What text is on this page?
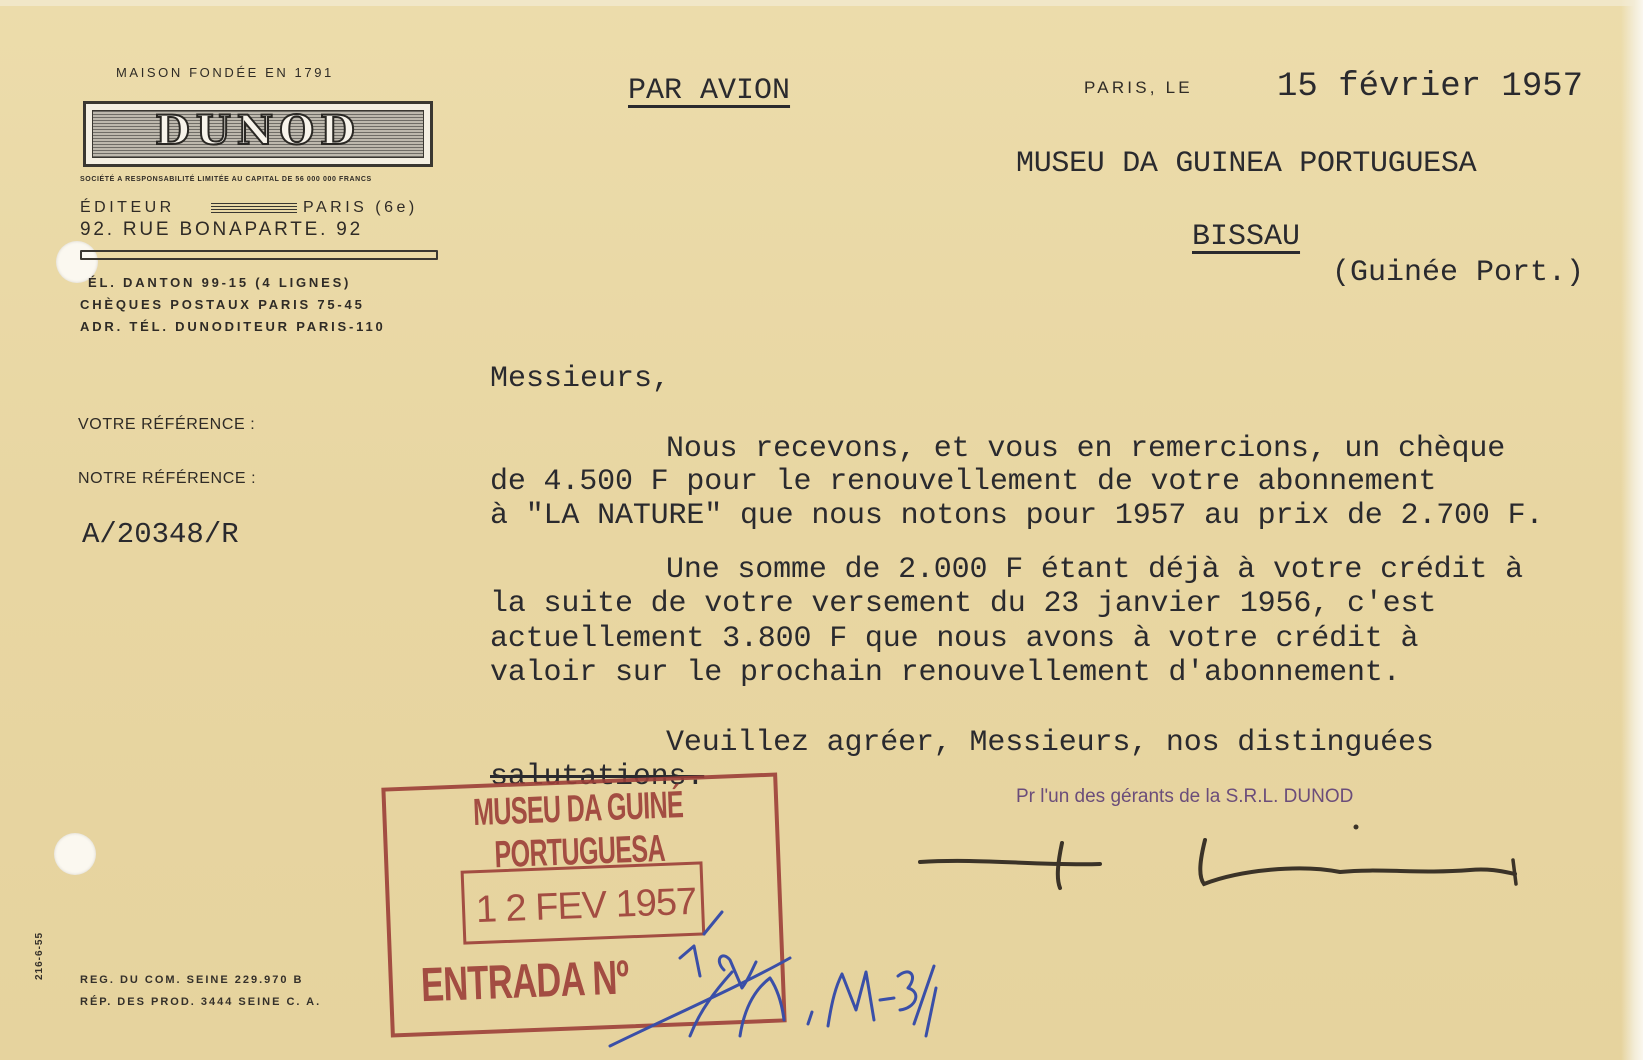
MAISON FONDÉE EN 1791

DUNOD

SOCIÉTÉ A RESPONSABILITÉ LIMITÉE AU CAPITAL DE 56 000 000 FRANCS

ÉDITEUR	PARIS (6e)

92. RUE BONAPARTE. 92

ÉL. DANTON 99-15 (4 LIGNES)

CHÈQUES POSTAUX PARIS 75-45

ADR. TÉL. DUNODITEUR PARIS-110

VOTRE RÉFÉRENCE :

NOTRE RÉFÉRENCE :

A/20348/R

REG. DU COM. SEINE 229.970 B

RÉP. DES PROD. 3444 SEINE C. A.

216-6-55

PAR AVION	PARIS, LE 15 février 1957

MUSEU DA GUINEA PORTUGUESA

BISSAU

(Guinée Port.)

Messieurs,

Nous recevons, et vous en remercions, un chèque

de 4.500 F pour le renouvellement de votre abonnement

à "LA NATURE" que nous notons pour 1957 au prix de 2.700 F.

Une somme de 2.000 F étant déjà à votre crédit à

la suite de votre versement du 23 janvier 1956, c'est

actuellement 3.800 F que nous avons à votre crédit à

valoir sur le prochain renouvellement d'abonnement.

Veuillez agréer, Messieurs, nos distinguées

salutations.

Pr l'un des gérants de la S.R.L. DUNOD

MUSEU DA GUINÉ PORTUGUESA
1 2 FEV 1957
ENTRADA Nº
